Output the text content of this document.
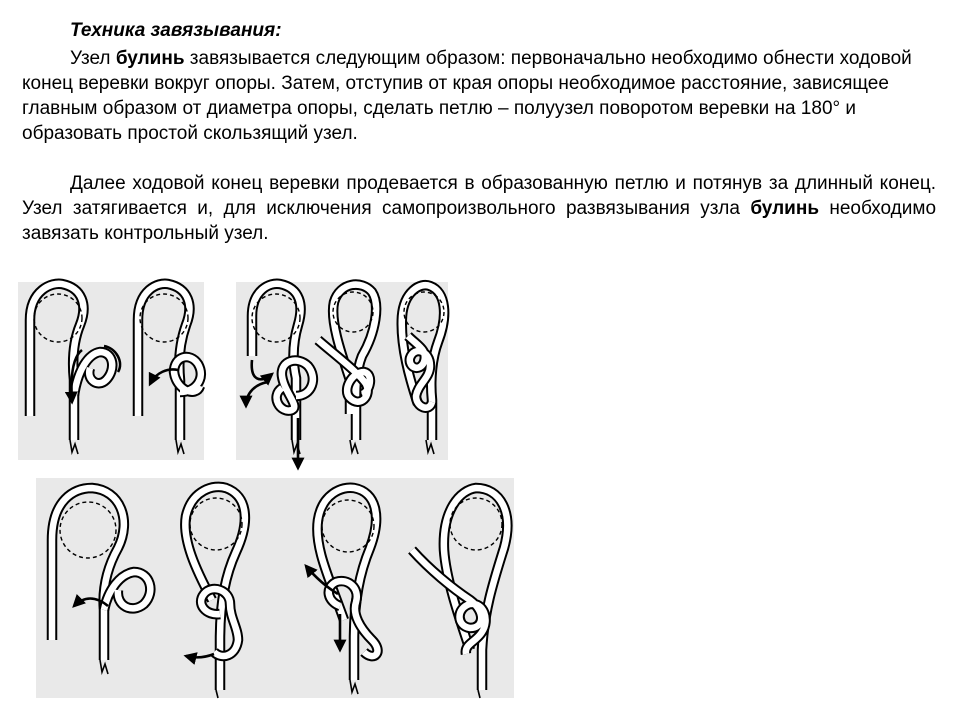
Техника завязывания:

Узел булинь завязывается следующим образом: первоначально необходимо обнести ходовой конец веревки вокруг опоры. Затем, отступив от края опоры необходимое расстояние, зависящее главным образом от диаметра опоры, сделать петлю – полуузел поворотом веревки на 180° и образовать простой скользящий узел.

Далее ходовой конец веревки продевается в образованную петлю и потянув за длинный конец. Узел затягивается и, для исключения самопроизвольного развязывания узла булинь необходимо завязать контрольный узел.
